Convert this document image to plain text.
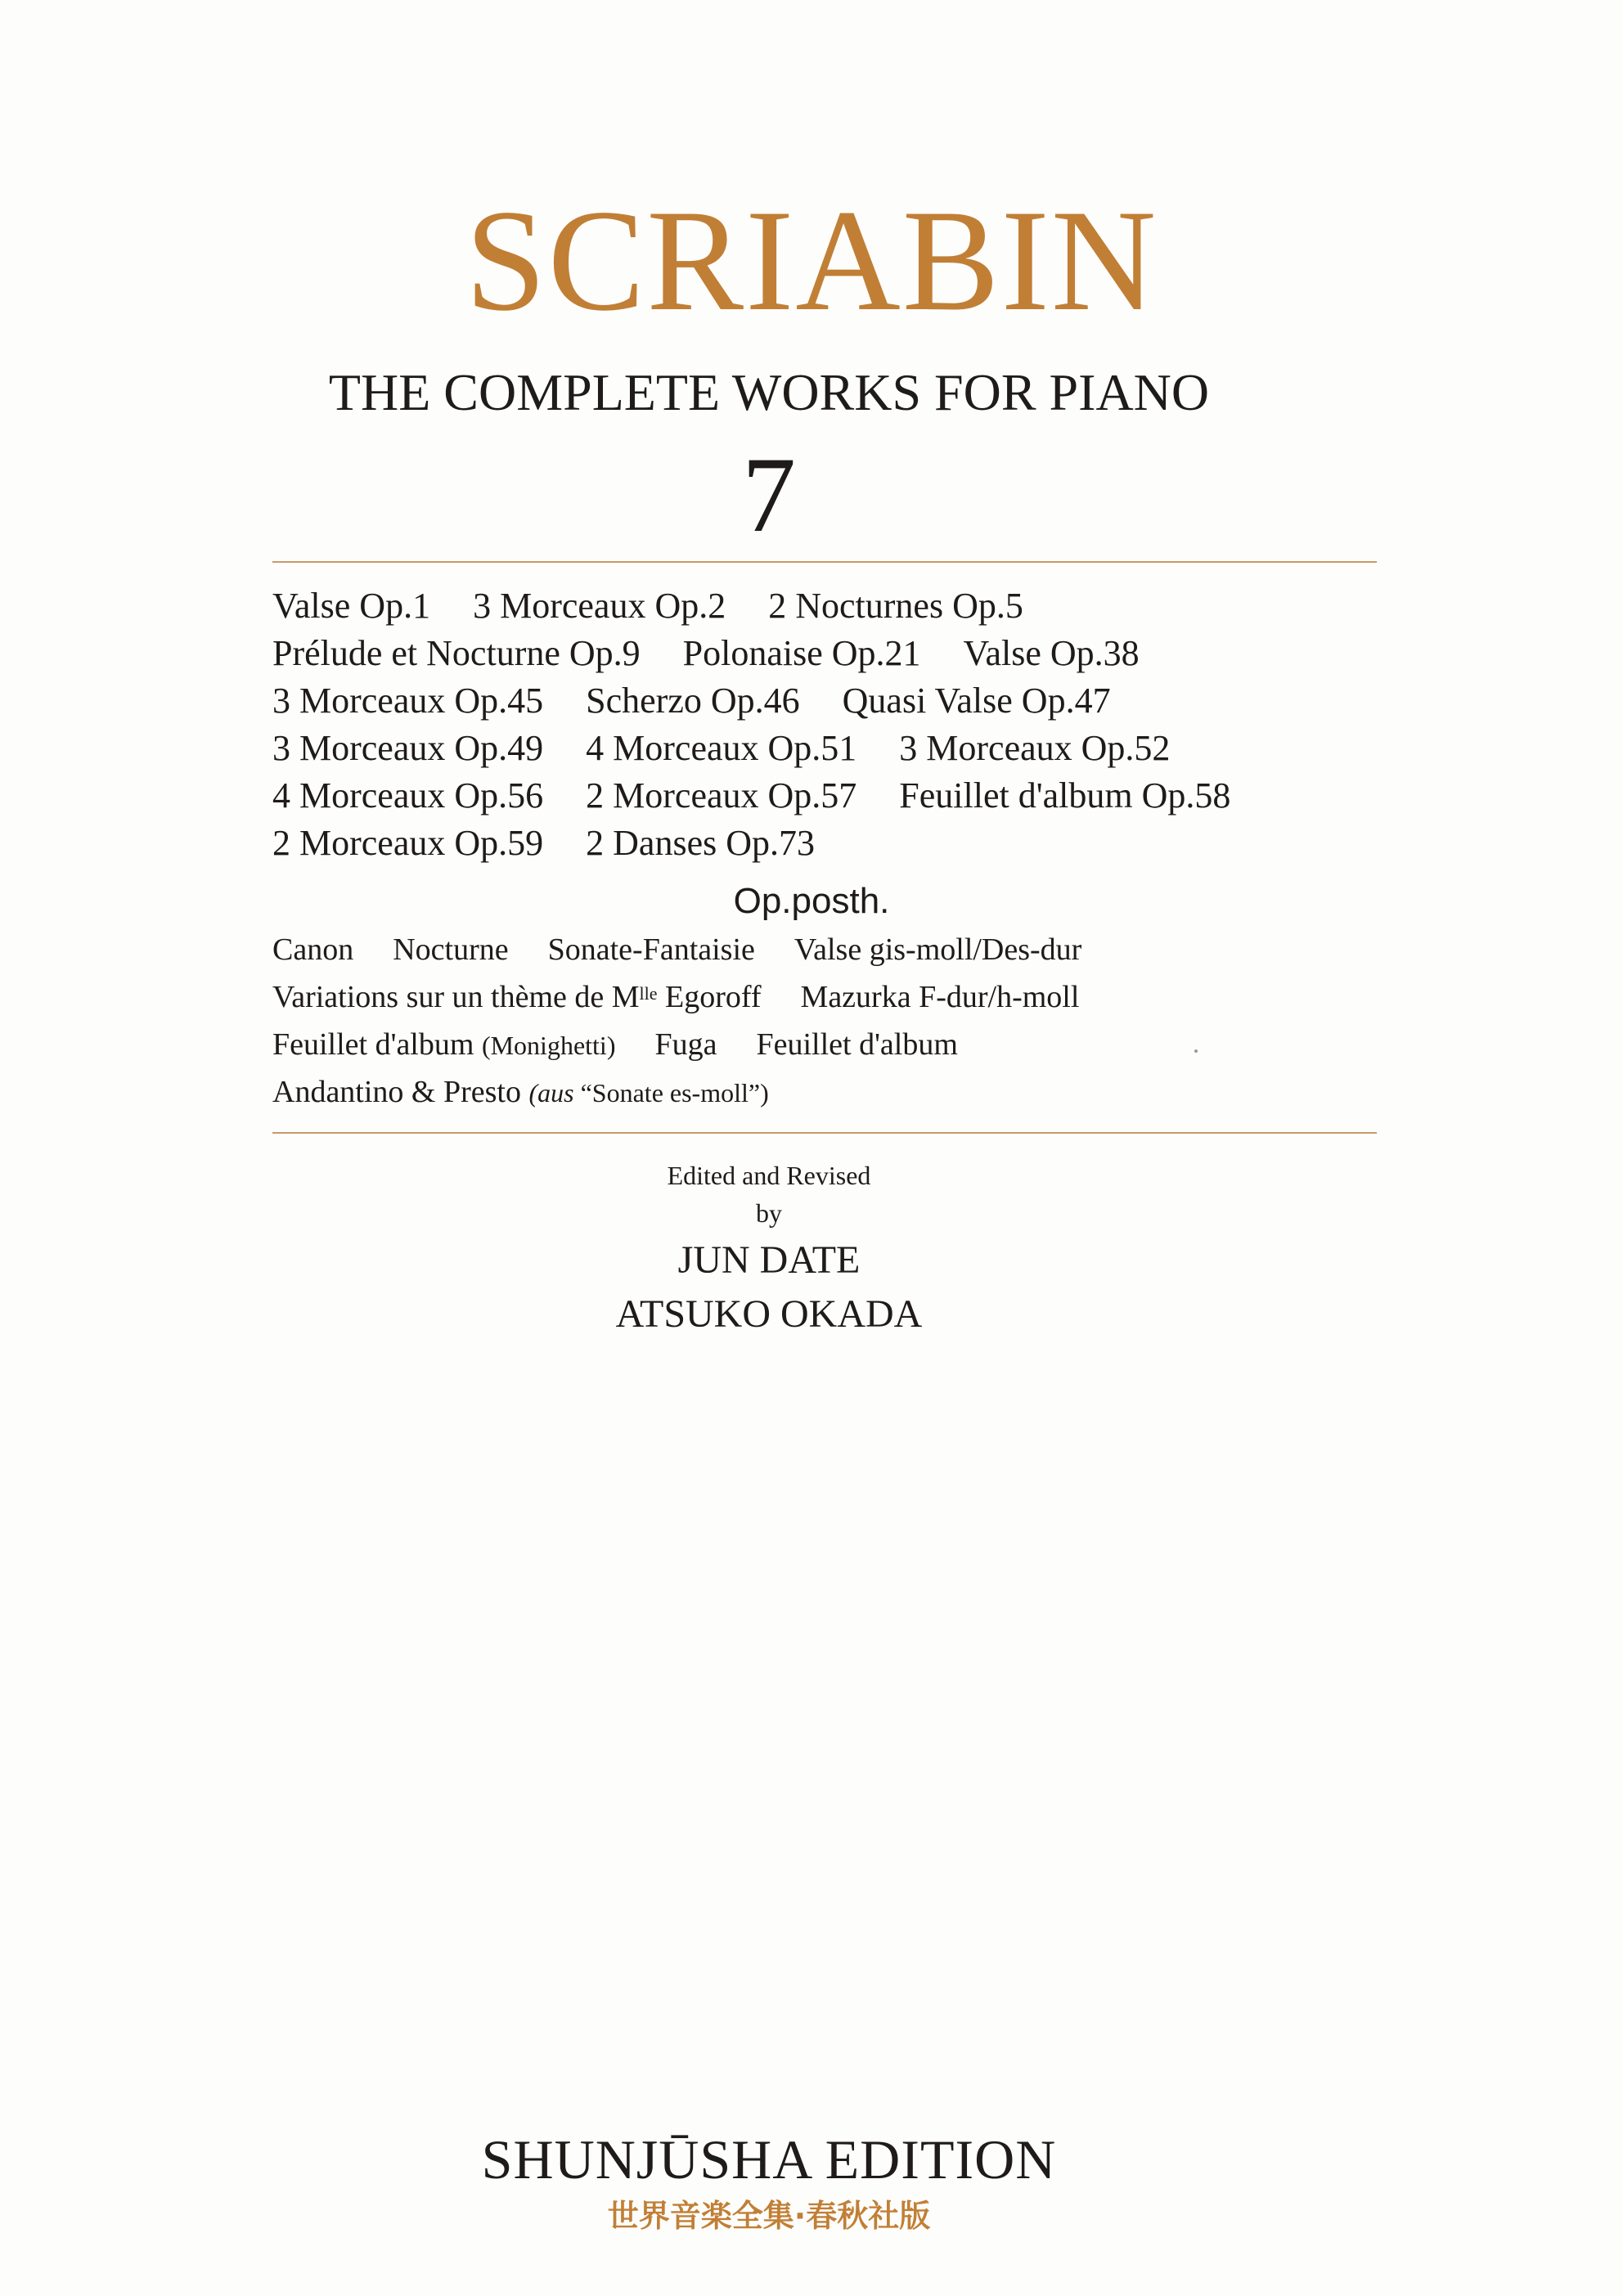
SCRIABIN
THE COMPLETE WORKS FOR PIANO
7
Valse Op.1 3 Morceaux Op.2 2 Nocturnes Op.5
Prélude et Nocturne Op.9 Polonaise Op.21 Valse Op.38
3 Morceaux Op.45 Scherzo Op.46 Quasi Valse Op.47
3 Morceaux Op.49 4 Morceaux Op.51 3 Morceaux Op.52
4 Morceaux Op.56 2 Morceaux Op.57 Feuillet d'album Op.58
2 Morceaux Op.59 2 Danses Op.73
Op.posth.
Canon Nocturne Sonate-Fantaisie Valse gis-moll/Des-dur
Variations sur un thème de $M^{lle}$ Egoroff Mazurka F-dur/h-moll
Feuillet d'album (Monighetti) Fuga Feuillet d'album
Andantino & Presto (aus “Sonate es-moll”)
Edited and Revised
by
JUN DATE
ATSUKO OKADA
SHUNJŪSHA EDITION
世界音楽全集·春秋社版
